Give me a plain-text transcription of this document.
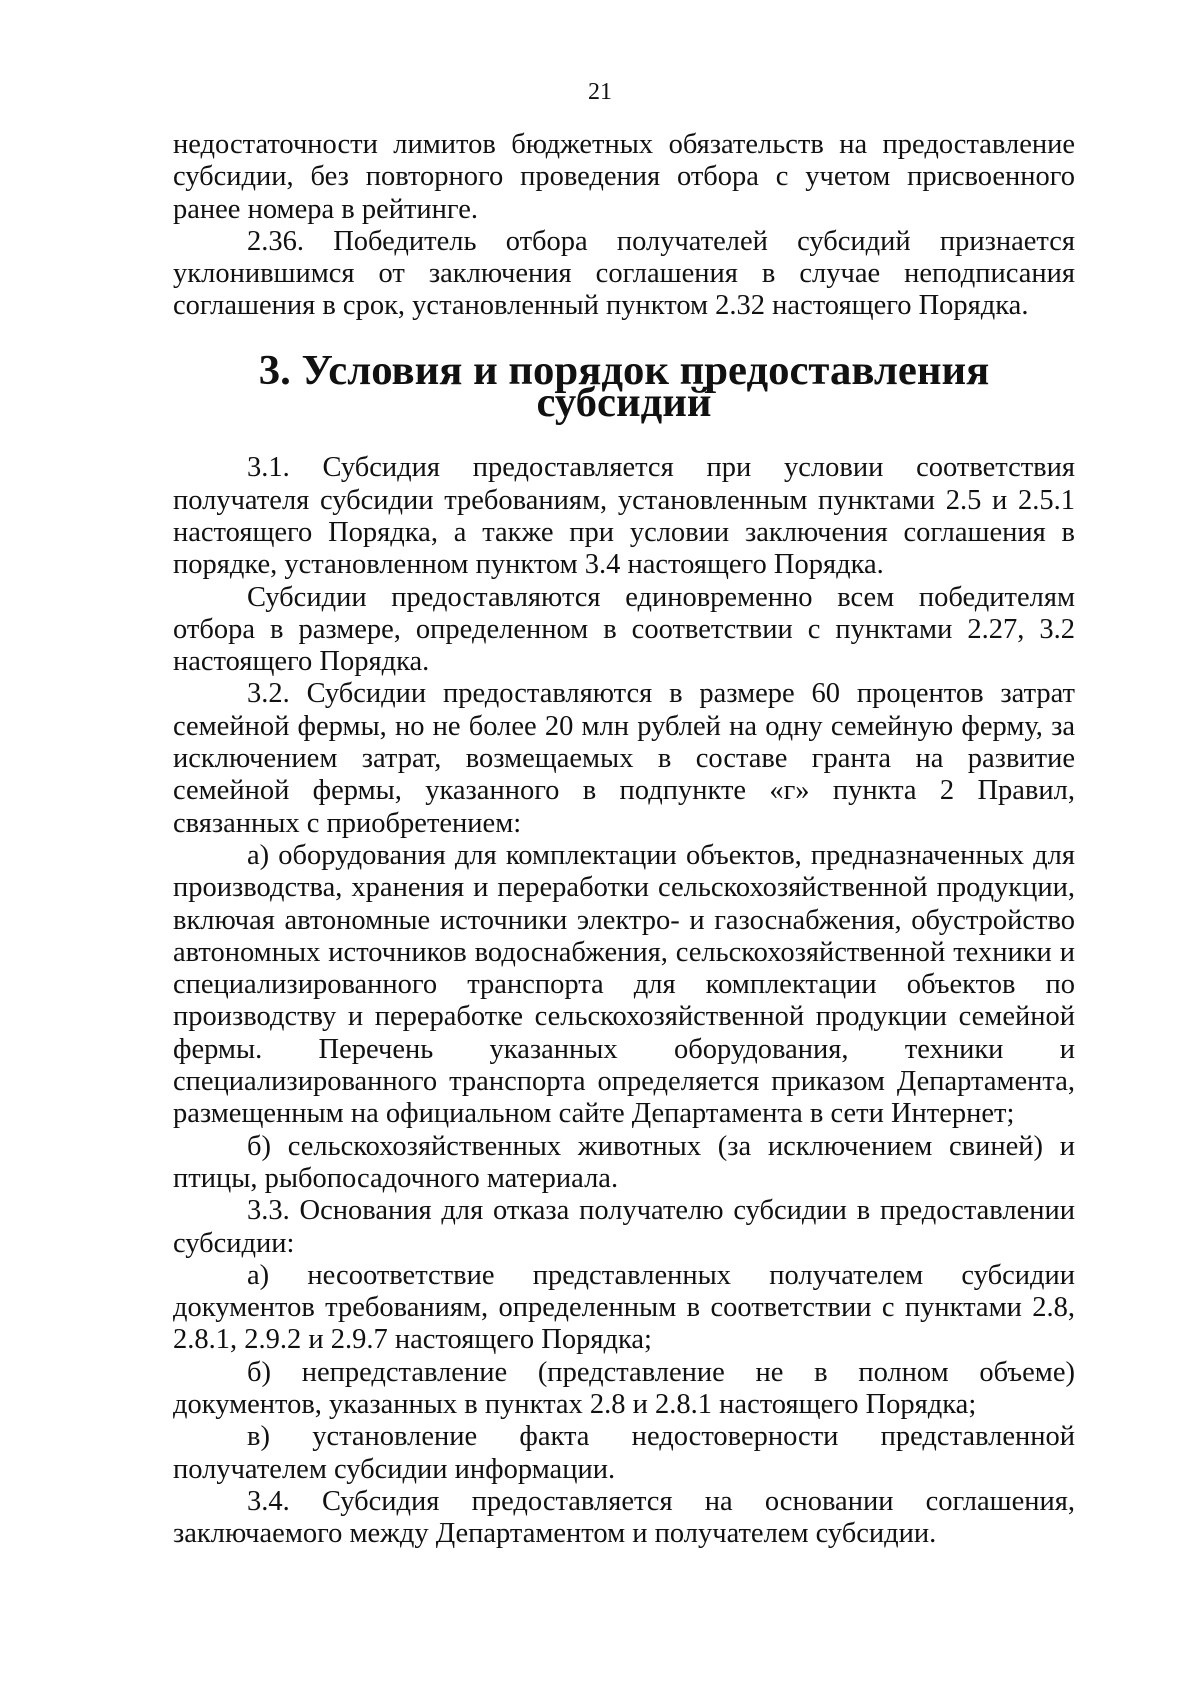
21

недостаточности лимитов бюджетных обязательств на предоставление субсидии, без повторного проведения отбора с учетом присвоенного ранее номера в рейтинге.

2.36. Победитель отбора получателей субсидий признается уклонившимся от заключения соглашения в случае неподписания соглашения в срок, установленный пунктом 2.32 настоящего Порядка.

3. Условия и порядок предоставления субсидий

3.1. Субсидия предоставляется при условии соответствия получателя субсидии требованиям, установленным пунктами 2.5 и 2.5.1 настоящего Порядка, а также при условии заключения соглашения в порядке, установленном пунктом 3.4 настоящего Порядка.

Субсидии предоставляются единовременно всем победителям отбора в размере, определенном в соответствии с пунктами 2.27, 3.2 настоящего Порядка.

3.2. Субсидии предоставляются в размере 60 процентов затрат семейной фермы, но не более 20 млн рублей на одну семейную ферму, за исключением затрат, возмещаемых в составе гранта на развитие семейной фермы, указанного в подпункте «г» пункта 2 Правил, связанных с приобретением:

а) оборудования для комплектации объектов, предназначенных для производства, хранения и переработки сельскохозяйственной продукции, включая автономные источники электро- и газоснабжения, обустройство автономных источников водоснабжения, сельскохозяйственной техники и специализированного транспорта для комплектации объектов по производству и переработке сельскохозяйственной продукции семейной фермы. Перечень указанных оборудования, техники и специализированного транспорта определяется приказом Департамента, размещенным на официальном сайте Департамента в сети Интернет;

б) сельскохозяйственных животных (за исключением свиней) и птицы, рыбопосадочного материала.

3.3. Основания для отказа получателю субсидии в предоставлении субсидии:

а) несоответствие представленных получателем субсидии документов требованиям, определенным в соответствии с пунктами 2.8, 2.8.1, 2.9.2 и 2.9.7 настоящего Порядка;

б) непредставление (представление не в полном объеме) документов, указанных в пунктах 2.8 и 2.8.1 настоящего Порядка;

в) установление факта недостоверности представленной получателем субсидии информации.

3.4. Субсидия предоставляется на основании соглашения, заключаемого между Департаментом и получателем субсидии.
